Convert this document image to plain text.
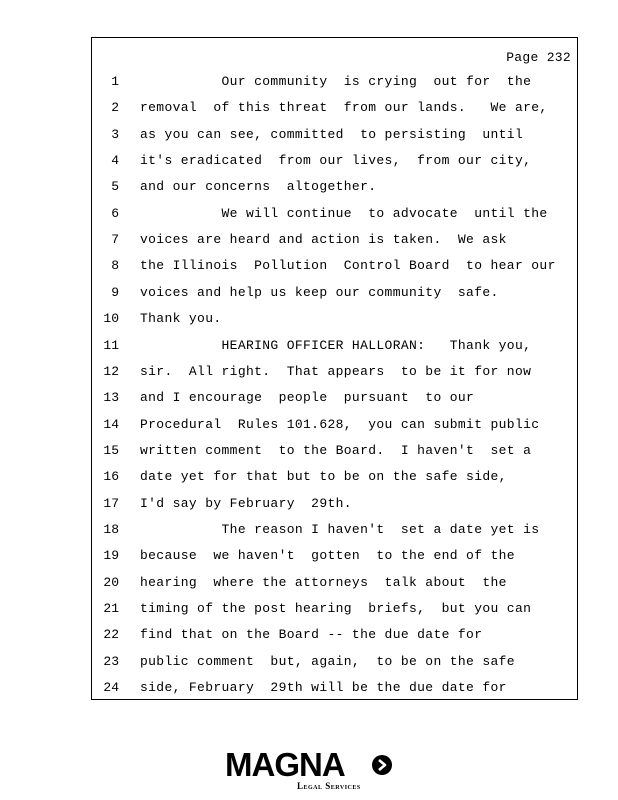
Page 232
1 Our community  is crying  out for  the
2 removal  of this threat  from our lands.   We are,
3 as you can see, committed  to persisting  until
4 it's eradicated  from our lives,  from our city,
5 and our concerns  altogether.
6 We will continue  to advocate  until the
7 voices are heard and action is taken.  We ask
8 the Illinois  Pollution  Control Board  to hear our
9 voices and help us keep our community  safe.
10 Thank you.
11 HEARING OFFICER HALLORAN:   Thank you,
12 sir.  All right.  That appears  to be it for now
13 and I encourage  people  pursuant  to our
14 Procedural  Rules 101.628,  you can submit public
15 written comment  to the Board.  I haven't  set a
16 date yet for that but to be on the safe side,
17 I'd say by February  29th.
18 The reason I haven't  set a date yet is
19 because  we haven't  gotten  to the end of the
20 hearing  where the attorneys  talk about  the
21 timing of the post hearing  briefs,  but you can
22 find that on the Board -- the due date for
23 public comment  but, again,  to be on the safe
24 side, February  29th will be the due date for
MAGNA
Legal Services
